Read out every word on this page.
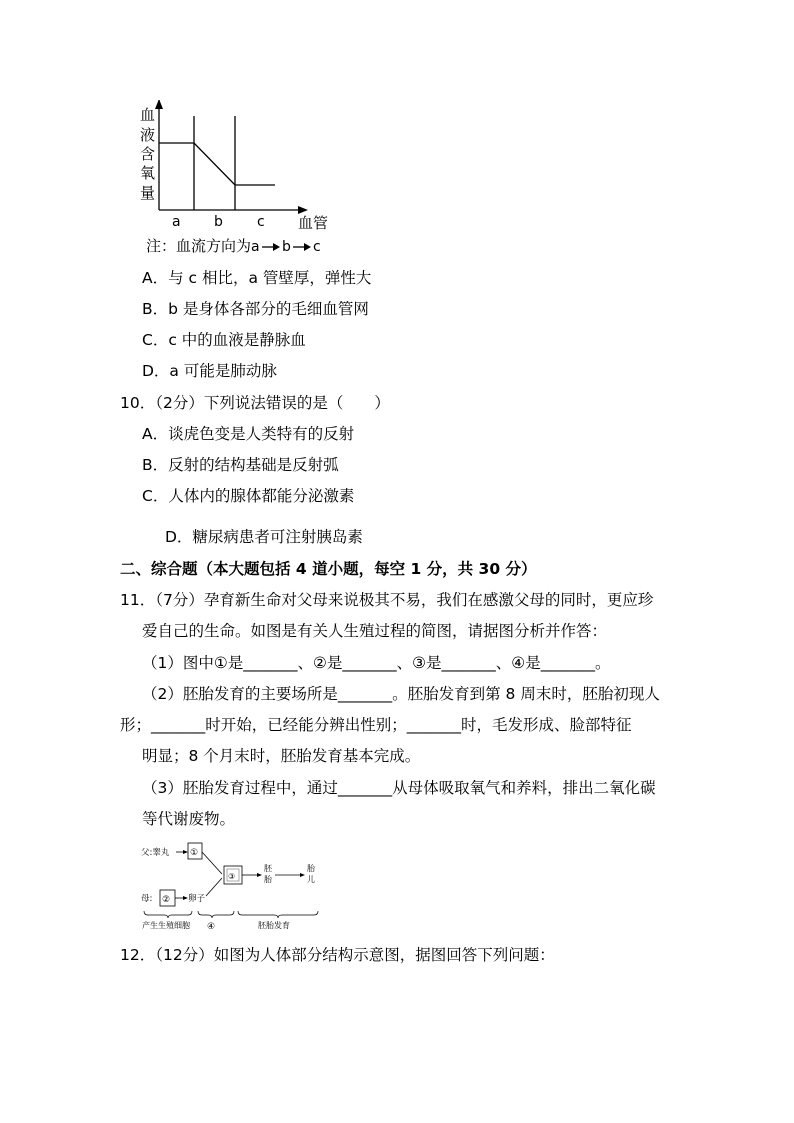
血
液
含
氧
量
a b c 血管
注：血流方向为 a b c
A．与 c 相比，a 管壁厚，弹性大
B．b 是身体各部分的毛细血管网
C．c 中的血液是静脉血
D．a 可能是肺动脉
10．（2分）下列说法错误的是（　　）
A．谈虎色变是人类特有的反射
B．反射的结构基础是反射弧
C．人体内的腺体都能分泌激素
D．糖尿病患者可注射胰岛素
二、综合题（本大题包括 4 道小题，每空 1 分，共 30 分）
11．（7分）孕育新生命对父母来说极其不易，我们在感激父母的同时，更应珍
爱自己的生命。如图是有关人生殖过程的简图，请据图分析并作答：
（1）图中①是_______、②是_______、③是_______、④是_______。
（2）胚胎发育的主要场所是_______。胚胎发育到第 8 周末时，胚胎初现人
形；_______时开始，已经能分辨出性别；_______时，毛发形成、脸部特征
明显；8 个月末时，胚胎发育基本完成。
（3）胚胎发育过程中，通过_______从母体吸取氧气和养料，排出二氧化碳
等代谢废物。
父:睾丸 ①
母: ② 卵子
③
胚
胎
胎
儿
产生生殖细胞 ④	胚胎发育
12．（12分）如图为人体部分结构示意图，据图回答下列问题：
